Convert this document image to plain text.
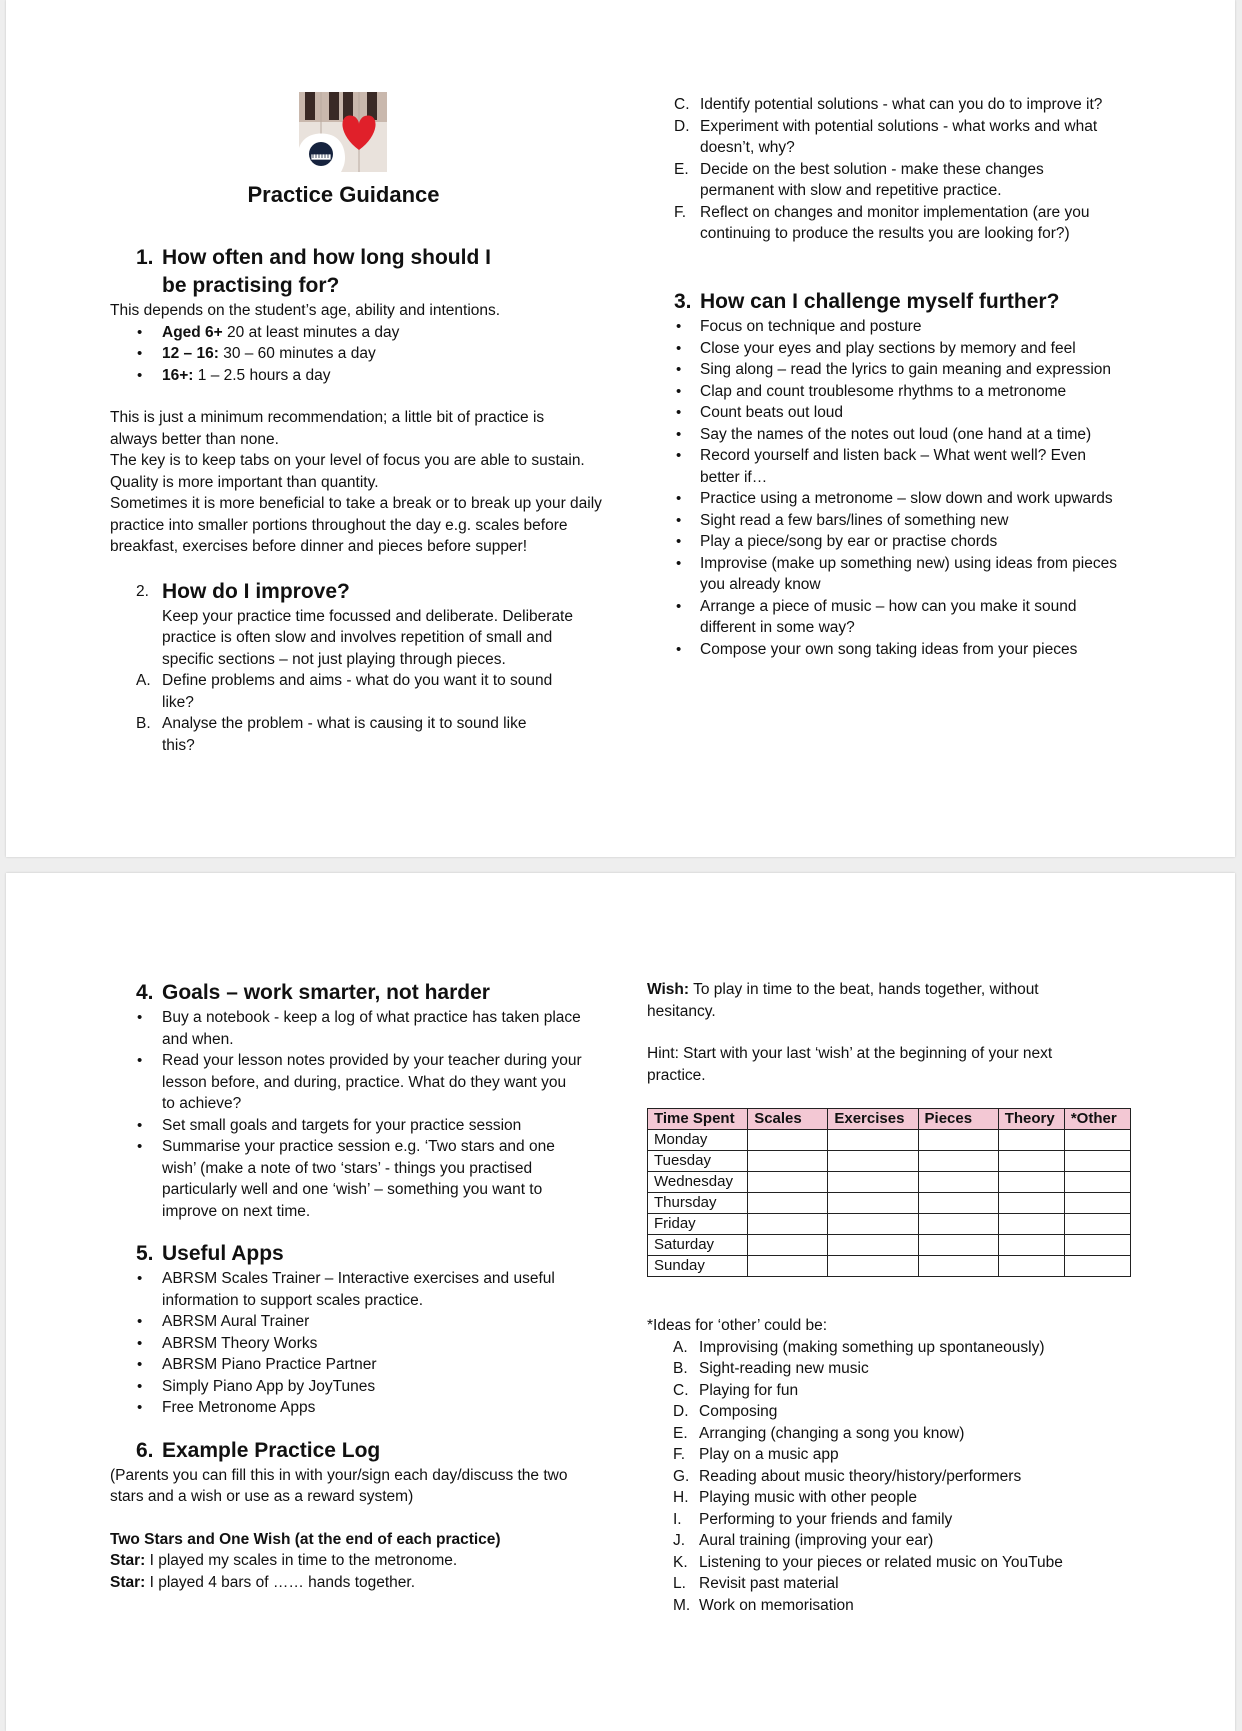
Practice Guidance
1. How often and how long should I be practising for?

This depends on the student’s age, ability and intentions.

• Aged 6+ 20 at least minutes a day
• 12 – 16: 30 – 60 minutes a day
• 16+: 1 – 2.5 hours a day

This is just a minimum recommendation; a little bit of practice is always better than none.

The key is to keep tabs on your level of focus you are able to sustain. Quality is more important than quantity.

Sometimes it is more beneficial to take a break or to break up your daily practice into smaller portions throughout the day e.g. scales before breakfast, exercises before dinner and pieces before supper!

2. How do I improve?

Keep your practice time focussed and deliberate. Deliberate practice is often slow and involves repetition of small and specific sections – not just playing through pieces.

A. Define problems and aims - what do you want it to sound like?
B. Analyse the problem - what is causing it to sound like this?
C. Identify potential solutions - what can you do to improve it?
D. Experiment with potential solutions - what works and what doesn’t, why?
E. Decide on the best solution - make these changes permanent with slow and repetitive practice.
F. Reflect on changes and monitor implementation (are you continuing to produce the results you are looking for?)
3. How can I challenge myself further?
• Focus on technique and posture
• Close your eyes and play sections by memory and feel
• Sing along – read the lyrics to gain meaning and expression
• Clap and count troublesome rhythms to a metronome
• Count beats out loud
• Say the names of the notes out loud (one hand at a time)
• Record yourself and listen back – What went well? Even better if…
• Practice using a metronome – slow down and work upwards
• Sight read a few bars/lines of something new
• Play a piece/song by ear or practise chords
• Improvise (make up something new) using ideas from pieces you already know
• Arrange a piece of music – how can you make it sound different in some way?
• Compose your own song taking ideas from your pieces
4. Goals – work smarter, not harder
• Buy a notebook - keep a log of what practice has taken place and when.
• Read your lesson notes provided by your teacher during your lesson before, and during, practice. What do they want you to achieve?
• Set small goals and targets for your practice session
• Summarise your practice session e.g. ‘Two stars and one wish’ (make a note of two ‘stars’ - things you practised particularly well and one ‘wish’ – something you want to improve on next time.
5. Useful Apps
• ABRSM Scales Trainer – Interactive exercises and useful information to support scales practice.
• ABRSM Aural Trainer
• ABRSM Theory Works
• ABRSM Piano Practice Partner
• Simply Piano App by JoyTunes
• Free Metronome Apps
6. Example Practice Log

(Parents you can fill this in with your/sign each day/discuss the two stars and a wish or use as a reward system)

Two Stars and One Wish (at the end of each practice)

Star: I played my scales in time to the metronome.

Star: I played 4 bars of …… hands together.

Wish: To play in time to the beat, hands together, without hesitancy.

Hint: Start with your last ‘wish’ at the beginning of your next practice.

Time Spent	Scales	Exercises	Pieces	Theory	*Other
Monday					
Tuesday					
Wednesday					
Thursday					
Friday					
Saturday					
Sunday					

*Ideas for ‘other’ could be:

A. Improvising (making something up spontaneously)
B. Sight-reading new music
C. Playing for fun
D. Composing
E. Arranging (changing a song you know)
F. Play on a music app
G. Reading about music theory/history/performers
H. Playing music with other people
I.	Performing to your friends and family
J. Aural training (improving your ear)
K. Listening to your pieces or related music on YouTube
L. Revisit past material
M. Work on memorisation
